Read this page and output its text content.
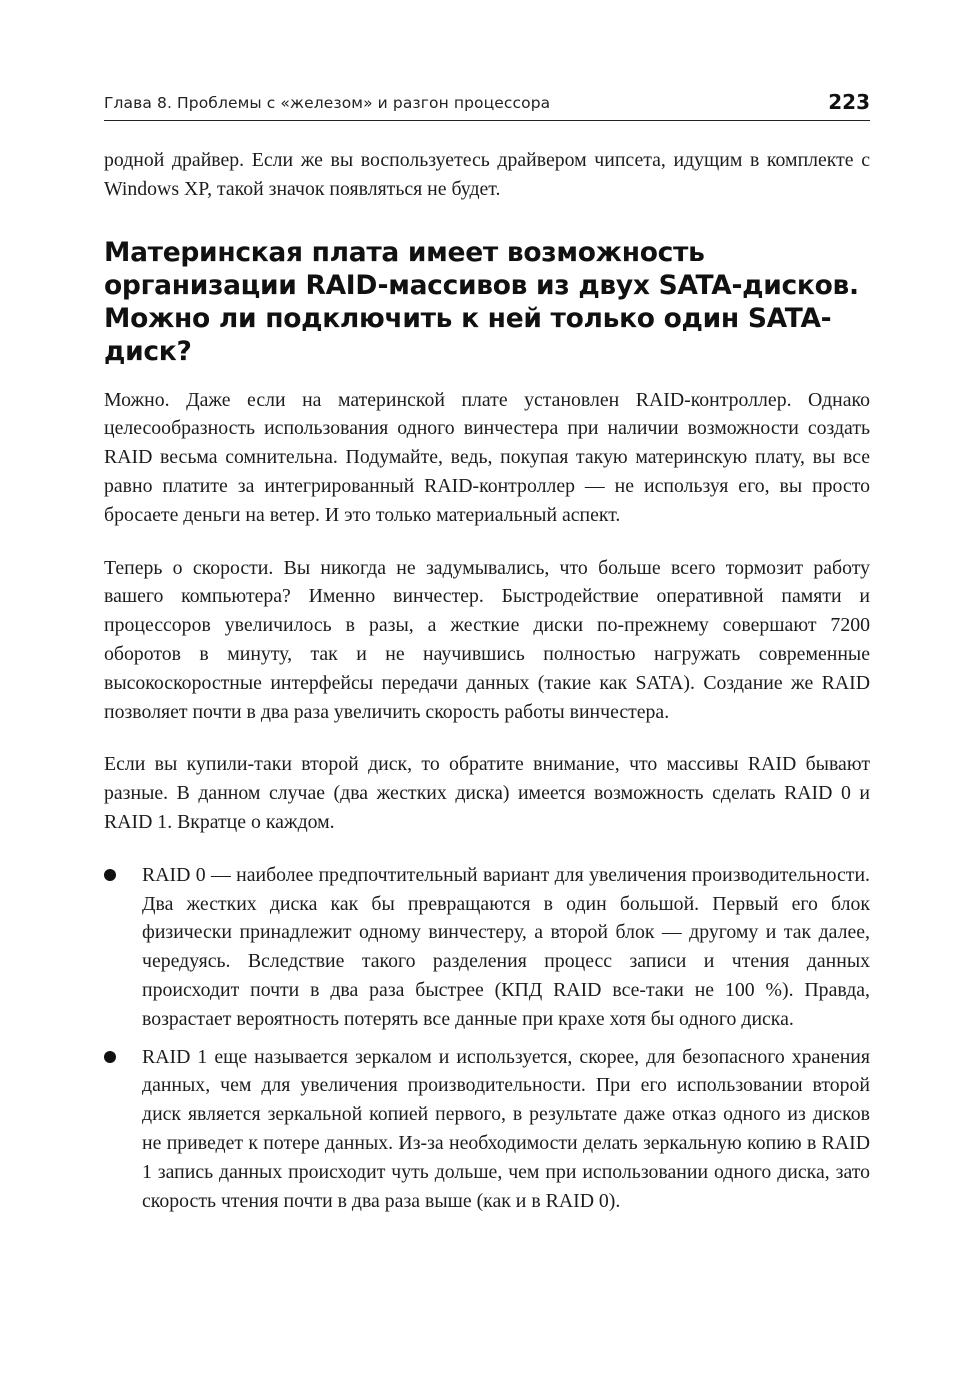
Глава 8. Проблемы с «железом» и разгон процессора	223

родной драйвер. Если же вы воспользуетесь драйвером чипсета, идущим в комплекте с Windows XP, такой значок появляться не будет.

Материнская плата имеет возможность организации RAID-массивов из двух SATA-дисков. Можно ли подключить к ней только один SATA-диск?

Можно. Даже если на материнской плате установлен RAID-контроллер. Однако целесообразность использования одного винчестера при наличии возможности создать RAID весьма сомнительна. Подумайте, ведь, покупая такую материнскую плату, вы все равно платите за интегрированный RAID-контроллер — не используя его, вы просто бросаете деньги на ветер. И это только материальный аспект.

Теперь о скорости. Вы никогда не задумывались, что больше всего тормозит работу вашего компьютера? Именно винчестер. Быстродействие оперативной памяти и процессоров увеличилось в разы, а жесткие диски по-прежнему совершают 7200 оборотов в минуту, так и не научившись полностью нагружать современные высокоскоростные интерфейсы передачи данных (такие как SATA). Создание же RAID позволяет почти в два раза увеличить скорость работы винчестера.

Если вы купили-таки второй диск, то обратите внимание, что массивы RAID бывают разные. В данном случае (два жестких диска) имеется возможность сделать RAID 0 и RAID 1. Вкратце о каждом.

RAID 0 — наиболее предпочтительный вариант для увеличения производительности. Два жестких диска как бы превращаются в один большой. Первый его блок физически принадлежит одному винчестеру, а второй блок — другому и так далее, чередуясь. Вследствие такого разделения процесс записи и чтения данных происходит почти в два раза быстрее (КПД RAID все-таки не 100 %). Правда, возрастает вероятность потерять все данные при крахе хотя бы одного диска.

RAID 1 еще называется зеркалом и используется, скорее, для безопасного хранения данных, чем для увеличения производительности. При его использовании второй диск является зеркальной копией первого, в результате даже отказ одного из дисков не приведет к потере данных. Из-за необходимости делать зеркальную копию в RAID 1 запись данных происходит чуть дольше, чем при использовании одного диска, зато скорость чтения почти в два раза выше (как и в RAID 0).
